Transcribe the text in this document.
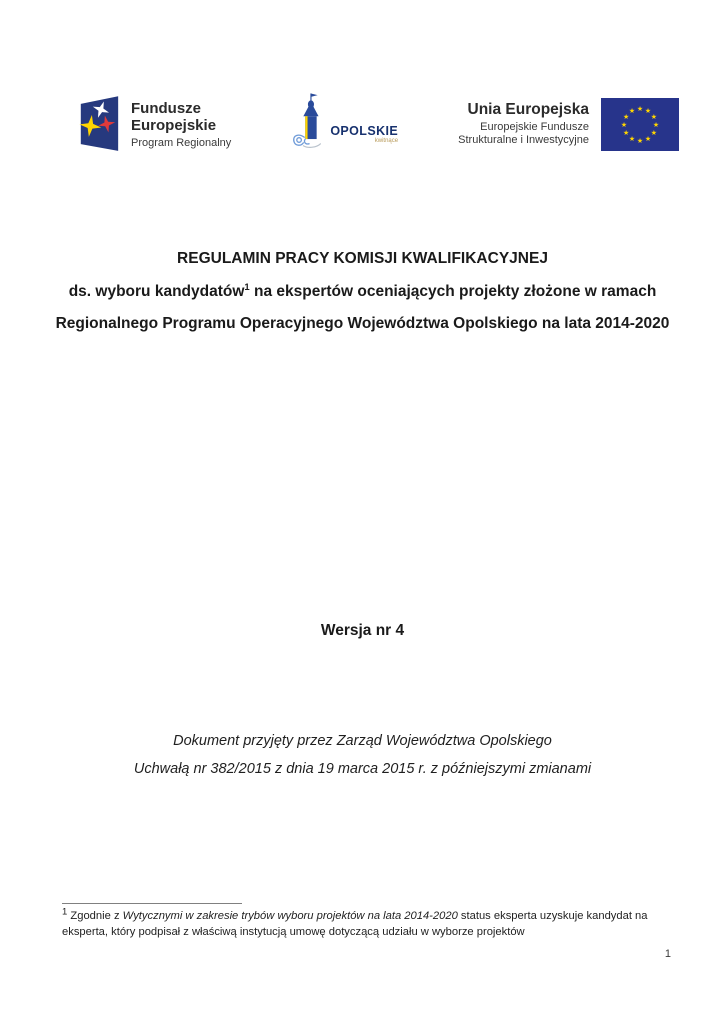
Fundusze
Europejskie
Program Regionalny
OPOLSKIE
kwitnące
Unia Europejska
Europejskie Fundusze
Strukturalne i Inwestycyjne
★ ★
★
★
★
★
★
★
★
★
★
★
REGULAMIN PRACY KOMISJI KWALIFIKACYJNEJ
ds. wyboru kandydatów$^1$ na ekspertów oceniających projekty złożone w ramach
Regionalnego Programu Operacyjnego Województwa Opolskiego na lata 2014-2020
Wersja nr 4
Dokument przyjęty przez Zarząd Województwa Opolskiego
Uchwałą nr 382/2015 z dnia 19 marca 2015 r. z późniejszymi zmianami
$^1$ Zgodnie z Wytycznymi w zakresie trybów wyboru projektów na lata 2014-2020 status eksperta uzyskuje kandydat na eksperta, który podpisał z właściwą instytucją umowę dotyczącą udziału w wyborze projektów
1
